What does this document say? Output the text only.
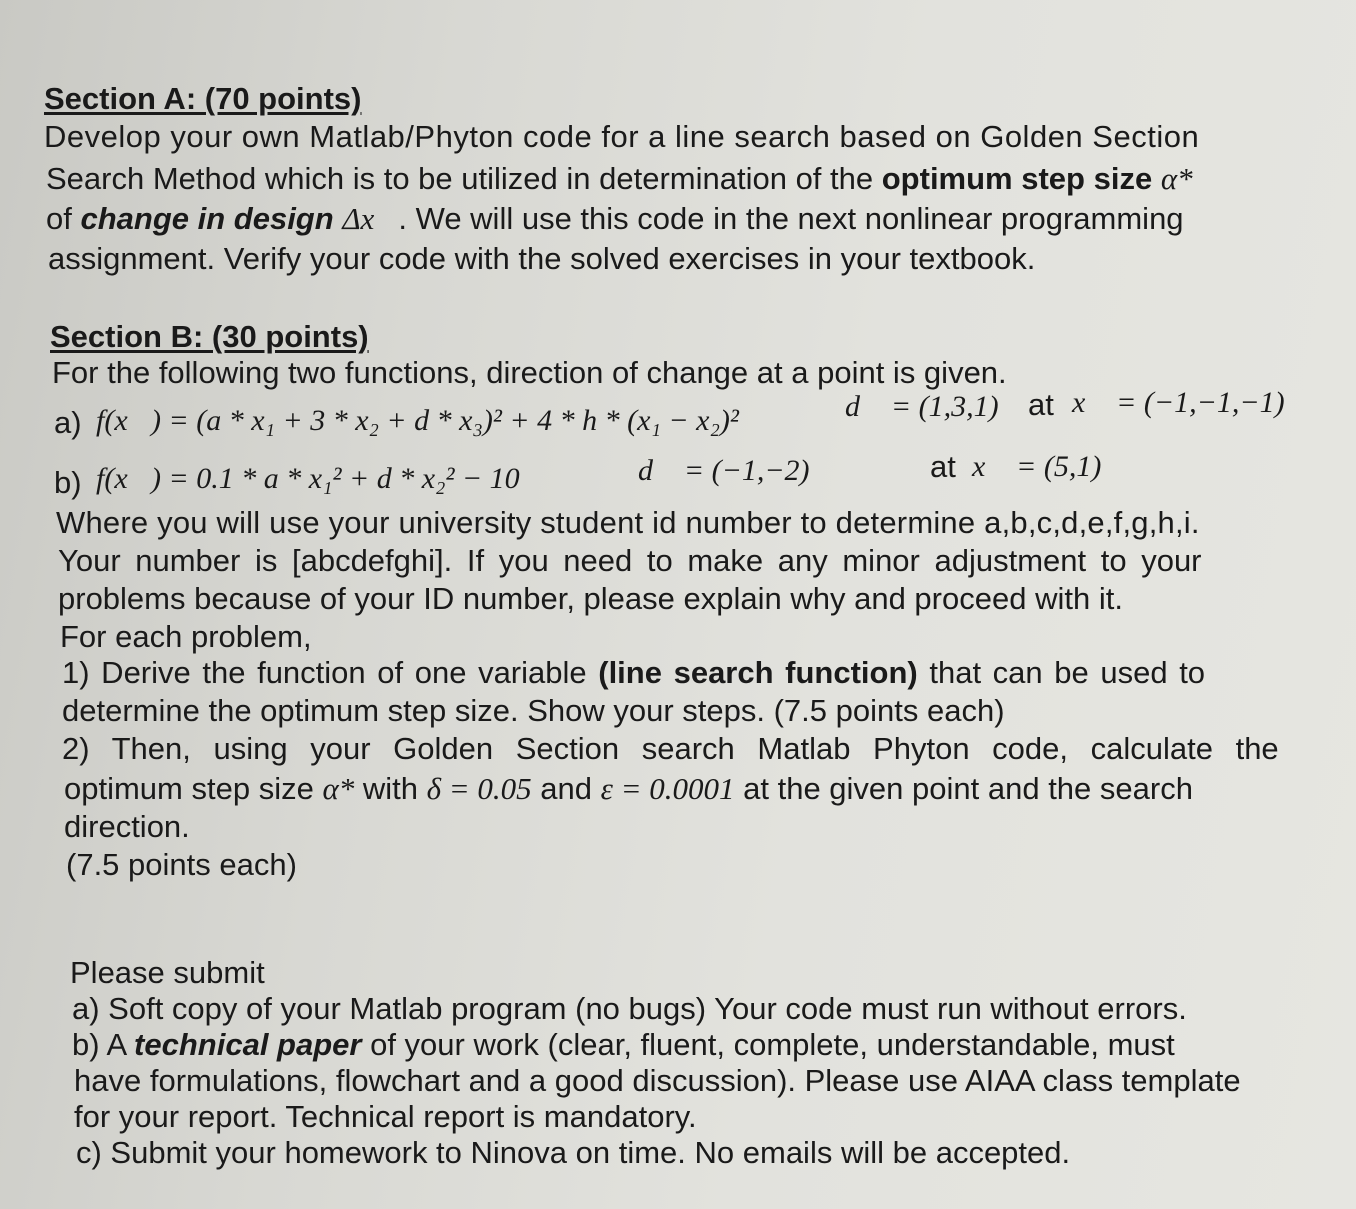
Section A: (70 points)
Develop your own Matlab/Phyton code for a line search based on Golden Section
Search Method which is to be utilized in determination of the optimum step size α*
of change in design Δx⃗. We will use this code in the next nonlinear programming
assignment. Verify your code with the solved exercises in your textbook.
Section B: (30 points)
For the following two functions, direction of change at a point is given.
a) f(x⃗) = (a * x₁ + 3 * x₂ + d * x₃)² + 4 * h * (x₁ − x₂)²	d⃗ = (1,3,1) at x⃗ = (−1,−1,−1)
b) f(x⃗) = 0.1 * a * x₁² + d * x₂² − 10	d⃗ = (−1,−2)	at x⃗ = (5,1)
Where you will use your university student id number to determine a,b,c,d,e,f,g,h,i.
Your number is [abcdefghi]. If you need to make any minor adjustment to your
problems because of your ID number, please explain why and proceed with it.
For each problem,
1) Derive the function of one variable (line search function) that can be used to
determine the optimum step size. Show your steps. (7.5 points each)
2) Then, using your Golden Section search Matlab Phyton code, calculate the
optimum step size α* with δ = 0.05 and ε = 0.0001 at the given point and the search
direction.
(7.5 points each)
Please submit
a) Soft copy of your Matlab program (no bugs) Your code must run without errors.
b) A technical paper of your work (clear, fluent, complete, understandable, must
have formulations, flowchart and a good discussion). Please use AIAA class template
for your report. Technical report is mandatory.
c) Submit your homework to Ninova on time. No emails will be accepted.
